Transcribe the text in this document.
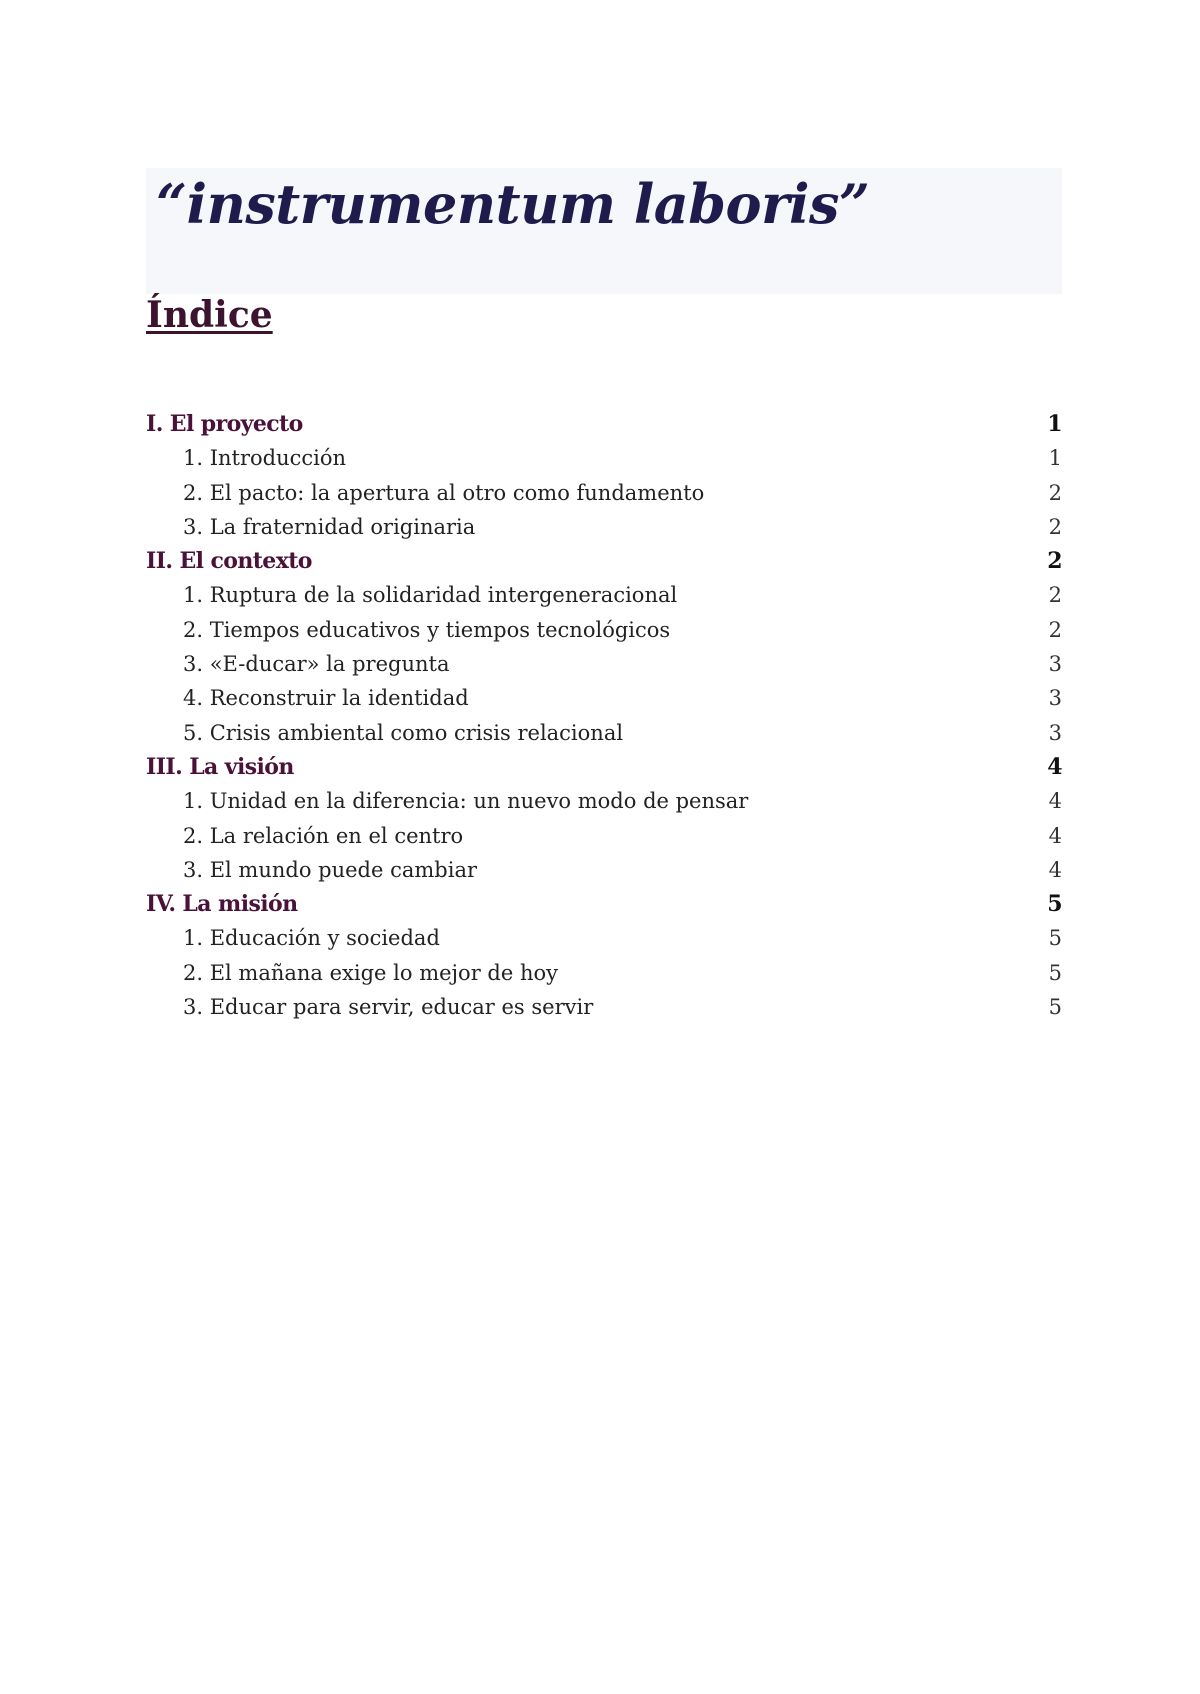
“instrumentum laboris”
Índice
I. El proyecto	1
1. Introducción	1
2. El pacto: la apertura al otro como fundamento	2
3. La fraternidad originaria	2
II. El contexto	2
1. Ruptura de la solidaridad intergeneracional	2
2. Tiempos educativos y tiempos tecnológicos	2
3. «E-ducar» la pregunta	3
4. Reconstruir la identidad	3
5. Crisis ambiental como crisis relacional	3
III. La visión	4
1. Unidad en la diferencia: un nuevo modo de pensar	4
2. La relación en el centro	4
3. El mundo puede cambiar	4
IV. La misión	5
1. Educación y sociedad	5
2. El mañana exige lo mejor de hoy	5
3. Educar para servir, educar es servir	5
